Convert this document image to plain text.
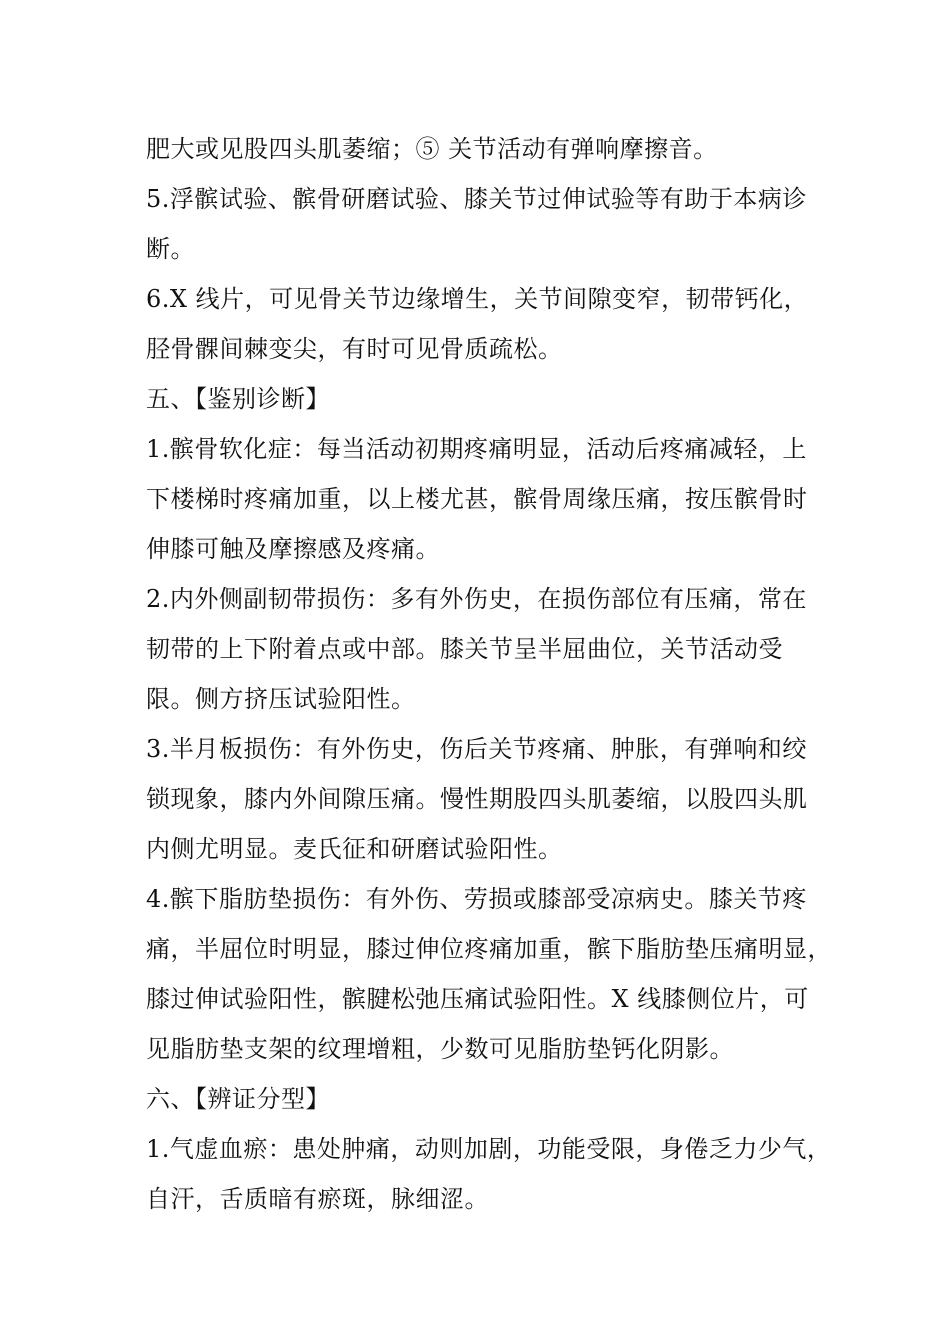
肥大或见股四头肌萎缩；⑤ 关节活动有弹响摩擦音。
5.浮髌试验、髌骨研磨试验、膝关节过伸试验等有助于本病诊
断。
6.X 线片，可见骨关节边缘增生，关节间隙变窄，韧带钙化，
胫骨髁间棘变尖，有时可见骨质疏松。
五、【鉴别诊断】
1.髌骨软化症：每当活动初期疼痛明显，活动后疼痛减轻，上
下楼梯时疼痛加重，以上楼尤甚，髌骨周缘压痛，按压髌骨时
伸膝可触及摩擦感及疼痛。
2.内外侧副韧带损伤：多有外伤史，在损伤部位有压痛，常在
韧带的上下附着点或中部。膝关节呈半屈曲位，关节活动受
限。侧方挤压试验阳性。
3.半月板损伤：有外伤史，伤后关节疼痛、肿胀，有弹响和绞
锁现象，膝内外间隙压痛。慢性期股四头肌萎缩，以股四头肌
内侧尤明显。麦氏征和研磨试验阳性。
4.髌下脂肪垫损伤：有外伤、劳损或膝部受凉病史。膝关节疼
痛，半屈位时明显，膝过伸位疼痛加重，髌下脂肪垫压痛明显，
膝过伸试验阳性，髌腱松弛压痛试验阳性。X 线膝侧位片，可
见脂肪垫支架的纹理增粗，少数可见脂肪垫钙化阴影。
六、【辨证分型】
1.气虚血瘀：患处肿痛，动则加剧，功能受限，身倦乏力少气，
自汗，舌质暗有瘀斑，脉细涩。
